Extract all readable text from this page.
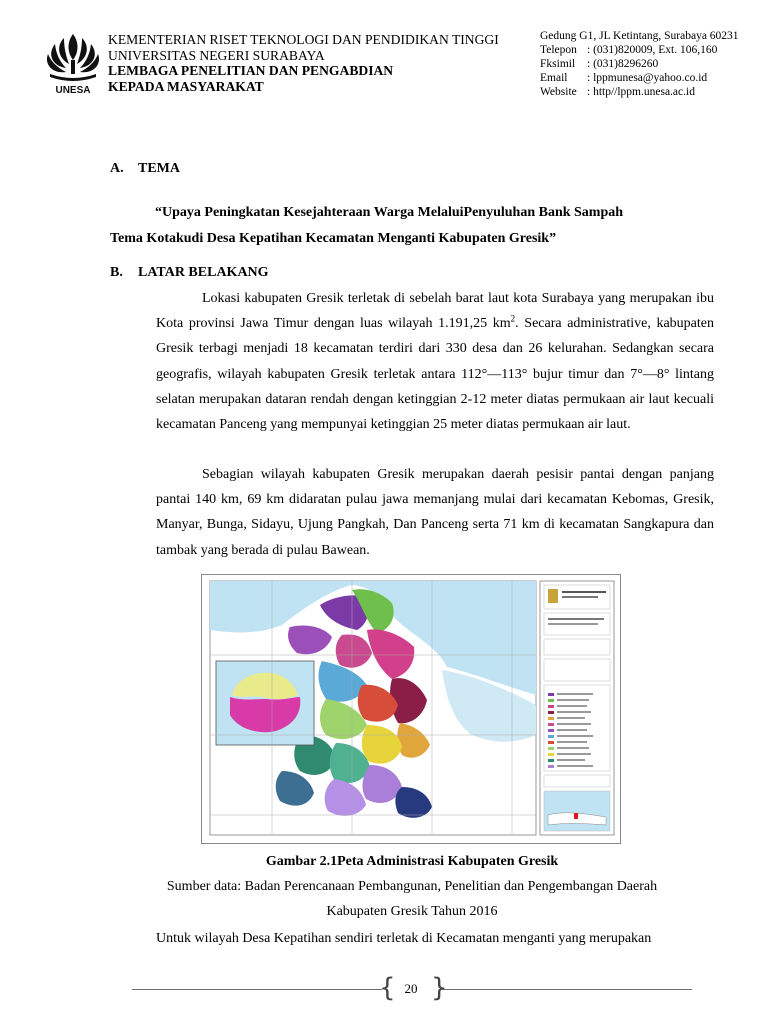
UNESA
KEMENTERIAN RISET TEKNOLOGI DAN PENDIDIKAN TINGGI
UNIVERSITAS NEGERI SURABAYA
LEMBAGA PENELITIAN DAN PENGABDIAN
KEPADA MASYARAKAT
Gedung G1, JL Ketintang, Surabaya 60231
Telepon : (031)820009, Ext. 106,160
Fksimil	: (031)8296260
Email	: lppmunesa@yahoo.co.id
Website : http//lppm.unesa.ac.id
A. TEMA
“Upaya Peningkatan Kesejahteraan Warga MelaluiPenyuluhan Bank Sampah
Tema Kotakudi Desa Kepatihan Kecamatan Menganti Kabupaten Gresik”
B. LATAR BELAKANG
Lokasi kabupaten Gresik terletak di sebelah barat laut kota Surabaya yang merupakan ibu Kota provinsi Jawa Timur dengan luas wilayah 1.191,25 $km^2$. Secara administrative, kabupaten Gresik terbagi menjadi 18 kecamatan terdiri dari 330 desa dan 26 kelurahan. Sedangkan secara geografis, wilayah kabupaten Gresik terletak antara 112°—113° bujur timur dan 7°—8° lintang selatan merupakan dataran rendah dengan ketinggian 2-12 meter diatas permukaan air laut kecuali kecamatan Panceng yang mempunyai ketinggian 25 meter diatas permukaan air laut.
Sebagian wilayah kabupaten Gresik merupakan daerah pesisir pantai dengan panjang pantai 140 km, 69 km didaratan pulau jawa memanjang mulai dari kecamatan Kebomas, Gresik, Manyar, Bunga, Sidayu, Ujung Pangkah, Dan Panceng serta 71 km di kecamatan Sangkapura dan tambak yang berada di pulau Bawean.
Gambar 2.1Peta Administrasi Kabupaten Gresik
Sumber data: Badan Perencanaan Pembangunan, Penelitian dan Pengembangan Daerah
Kabupaten Gresik Tahun 2016
Untuk wilayah Desa Kepatihan sendiri terletak di Kecamatan menganti yang merupakan
{ }
20
